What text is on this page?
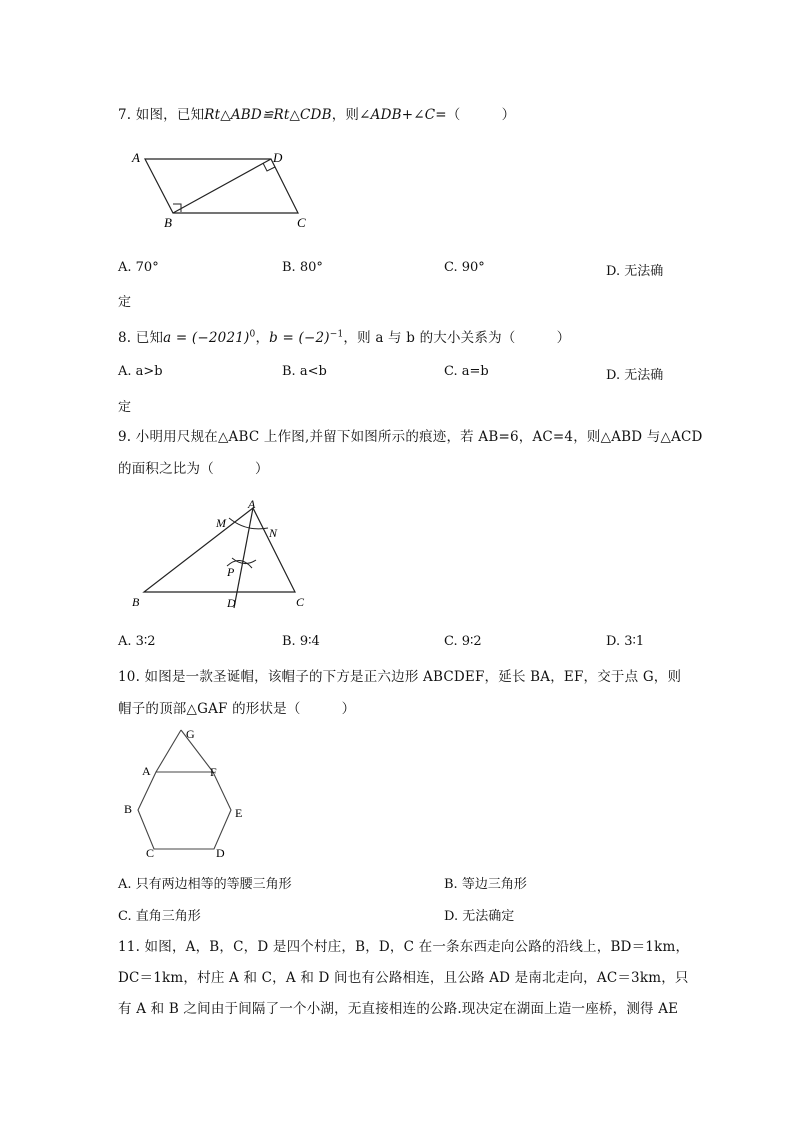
7. 如图，已知Rt△ABD≌Rt△CDB，则∠ADB+∠C=（　　　）
A	D
B	C
A. 70°	B. 80°	C. 90°	D. 无法确
定
8. 已知$a = (-2021)^0$，$b = (-2)^{-1}$，则 a 与 b 的大小关系为（　　　）
A. a>b	B. a<b	C. a=b	D. 无法确
定
9. 小明用尺规在△ABC 上作图,并留下如图所示的痕迹，若 AB=6，AC=4，则△ABD 与△ACD
的面积之比为（　　　）
A
M
N
P
B	D	C
A. 3∶2	B. 9∶4	C. 9∶2	D. 3∶1
10. 如图是一款圣诞帽，该帽子的下方是正六边形 ABCDEF，延长 BA，EF，交于点 G，则
帽子的顶部△GAF 的形状是（　　　）
G
A	F
B	E
C	D
A. 只有两边相等的等腰三角形	B. 等边三角形
C. 直角三角形	D. 无法确定
11. 如图，A，B，C，D 是四个村庄，B，D，C 在一条东西走向公路的沿线上，BD＝1km，
DC＝1km，村庄 A 和 C，A 和 D 间也有公路相连，且公路 AD 是南北走向，AC＝3km，只
有 A 和 B 之间由于间隔了一个小湖，无直接相连的公路.现决定在湖面上造一座桥，测得 AE
